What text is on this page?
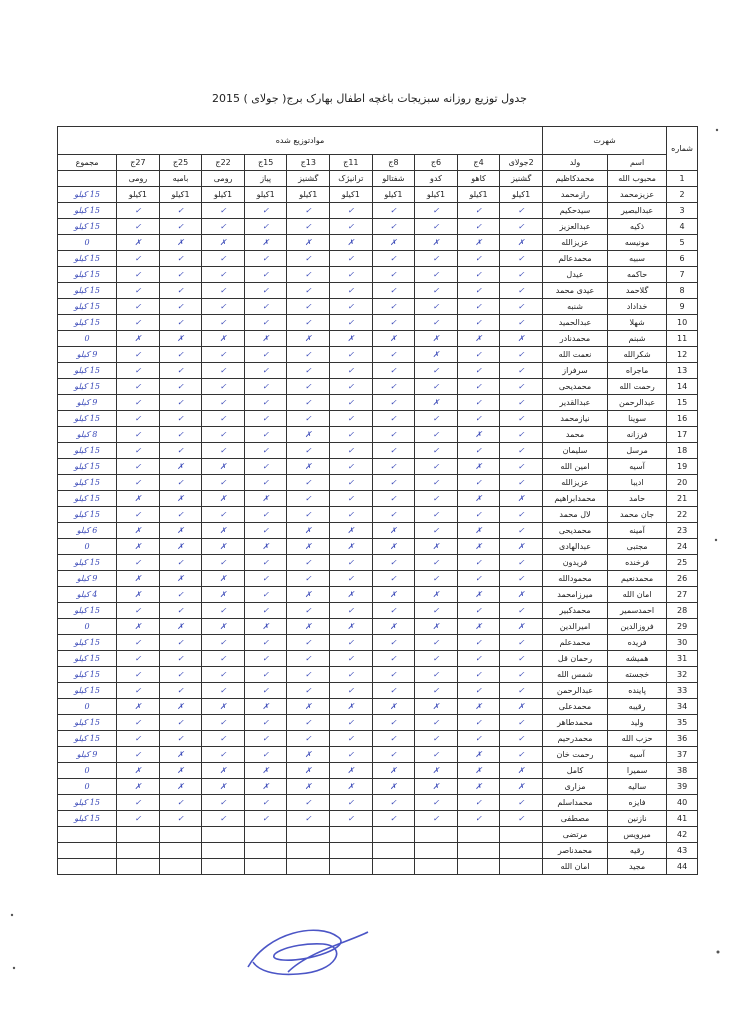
جدول توزیع روزانه سبزیجات باغچه اطفال بهارک برج( جولای ) 2015
موادتوزیع شده											شهرت		شماره
مجموع	27ج	25ج	22ج	15ج	13ج	11ج	8ج	6ج	4ج	2جولای	ولد	اسم	
	رومی	بامیه	رومی	پیاز	گشنیز	ترانیژک	شفتالو	کدو	کاهو	گشنیز	محمدکاظیم	محبوب الله	1
15 کیلو	1کیلو	1کیلو	1کیلو	1کیلو	1کیلو	1کیلو	1کیلو	1کیلو	1کیلو	1کیلو	رازمحمد	عزیزمحمد	2
15 کیلو	✓	✓	✓	✓	✓	✓	✓	✓	✓	✓	سیدحکیم	عبدالبصیر	3
15 کیلو	✓	✓	✓	✓	✓	✓	✓	✓	✓	✓	عبدالعزیز	ذکیه	4
0	✗	✗	✗	✗	✗	✗	✗	✗	✗	✗	عزیزالله	مونیسه	5
15 کیلو	✓	✓	✓	✓	✓	✓	✓	✓	✓	✓	محمدعالم	سبیه	6
15 کیلو	✓	✓	✓	✓	✓	✓	✓	✓	✓	✓	عیدل	حاکمه	7
15 کیلو	✓	✓	✓	✓	✓	✓	✓	✓	✓	✓	عیدی محمد	گلاحمد	8
15 کیلو	✓	✓	✓	✓	✓	✓	✓	✓	✓	✓	شنبه	خداداد	9
15 کیلو	✓	✓	✓	✓	✓	✓	✓	✓	✓	✓	عبدالحمید	شهلا	10
0	✗	✗	✗	✗	✗	✗	✗	✗	✗	✗	محمدنادر	شبنم	11
9 کیلو	✓	✓	✓	✓	✓	✓	✓	✗	✓	✓	نعمت الله	شکرالله	12
15 کیلو	✓	✓	✓	✓	✓	✓	✓	✓	✓	✓	سرفراز	ماجراه	13
15 کیلو	✓	✓	✓	✓	✓	✓	✓	✓	✓	✓	محمدیحی	رحمت الله	14
9 کیلو	✓	✓	✓	✓	✓	✓	✓	✗	✓	✓	عبدالقدیر	عبدالرحمن	15
15 کیلو	✓	✓	✓	✓	✓	✓	✓	✓	✓	✓	نیازمحمد	سوینا	16
8 کیلو	✓	✓	✓	✓	✗	✓	✓	✓	✗	✓	محمد	فرزانه	17
15 کیلو	✓	✓	✓	✓	✓	✓	✓	✓	✓	✓	سلیمان	مرسل	18
15 کیلو	✓	✗	✗	✓	✗	✓	✓	✓	✗	✓	امین الله	آسیه	19
15 کیلو	✓	✓	✓	✓	✓	✓	✓	✓	✓	✓	عزیزالله	ادیبا	20
15 کیلو	✗	✗	✗	✗	✓	✓	✓	✓	✗	✗	محمدابراهیم	حامد	21
15 کیلو	✓	✓	✓	✓	✓	✓	✓	✓	✓	✓	لال محمد	جان محمد	22
6 کیلو	✗	✗	✗	✓	✗	✗	✗	✓	✗	✓	محمدیحی	آمینه	23
0	✗	✗	✗	✗	✗	✗	✗	✗	✗	✗	عبدالهادی	مجتبی	24
15 کیلو	✓	✓	✓	✓	✓	✓	✓	✓	✓	✓	فریدون	فرخنده	25
9 کیلو	✗	✗	✗	✓	✓	✓	✓	✓	✓	✓	محمودالله	محمدنعیم	26
4 کیلو	✗	✓	✗	✓	✗	✗	✗	✗	✗	✗	میرزامحمد	امان الله	27
15 کیلو	✓	✓	✓	✓	✓	✓	✓	✓	✓	✓	محمدکبیر	احمدسمیر	28
0	✗	✗	✗	✗	✗	✗	✗	✗	✗	✗	امیرالدین	فروزالدین	29
15 کیلو	✓	✓	✓	✓	✓	✓	✓	✓	✓	✓	محمدعلم	فریده	30
15 کیلو	✓	✓	✓	✓	✓	✓	✓	✓	✓	✓	رحمان قل	همیشه	31
15 کیلو	✓	✓	✓	✓	✓	✓	✓	✓	✓	✓	شمس الله	خجسته	32
15 کیلو	✓	✓	✓	✓	✓	✓	✓	✓	✓	✓	عبدالرحمن	پاینده	33
0	✗	✗	✗	✗	✗	✗	✗	✗	✗	✗	محمدعلی	رقیبه	34
15 کیلو	✓	✓	✓	✓	✓	✓	✓	✓	✓	✓	محمدطاهر	ولید	35
15 کیلو	✓	✓	✓	✓	✓	✓	✓	✓	✓	✓	محمدرحیم	حزب الله	36
9 کیلو	✓	✗	✓	✓	✗	✓	✓	✓	✗	✓	رحمت خان	آسیه	37
0	✗	✗	✗	✗	✗	✗	✗	✗	✗	✗	کامل	سمیرا	38
0	✗	✗	✗	✗	✗	✗	✗	✗	✗	✗	مزاری	سالیه	39
15 کیلو	✓	✓	✓	✓	✓	✓	✓	✓	✓	✓	محمداسلم	فایزه	40
15 کیلو	✓	✓	✓	✓	✓	✓	✓	✓	✓	✓	مصطفی	نازنین	41
											مرتضی	میرویس	42
											محمدناصر	رقیه	43
											امان الله	مجید	44
